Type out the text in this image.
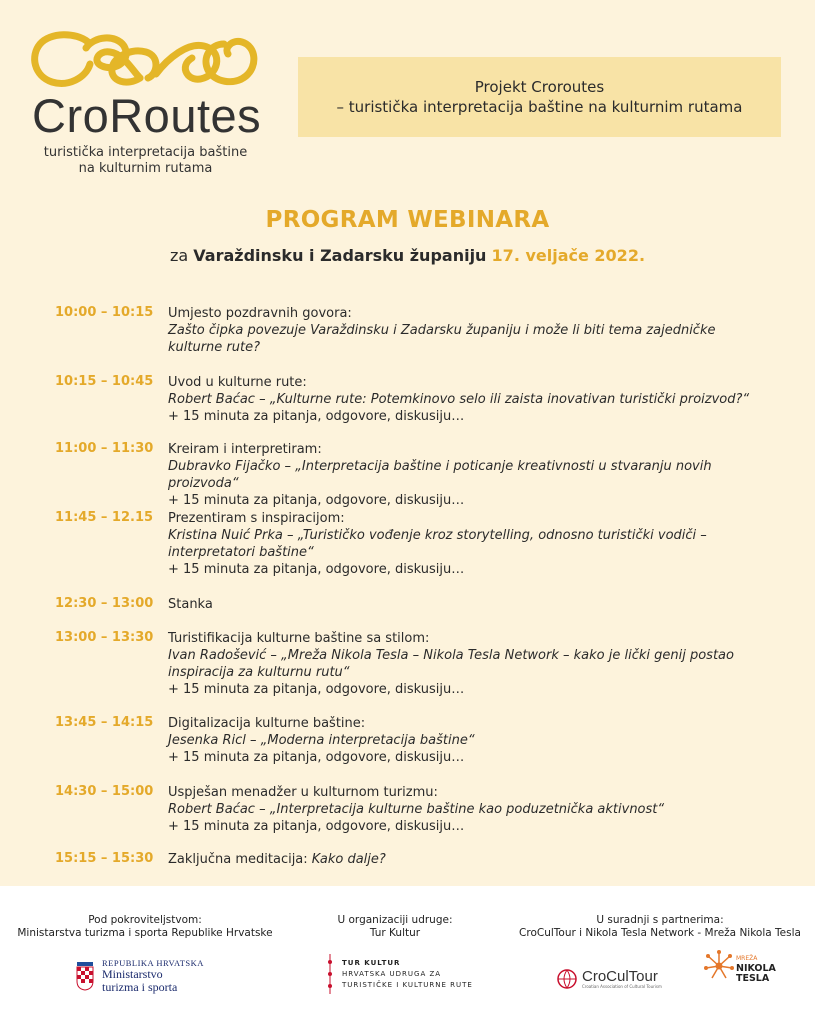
CroRoutes
turistička interpretacija baštine
na kulturnim rutama
Projekt Croroutes
– turistička interpretacija baštine na kulturnim rutama
PROGRAM WEBINARA
za Varaždinsku i Zadarsku županiju 17. veljače 2022.
10:00 – 10:15 Umjesto pozdravnih govora:
Zašto čipka povezuje Varaždinsku i Zadarsku županiju i može li biti tema zajedničke kulturne rute?
10:15 – 10:45 Uvod u kulturne rute:
Robert Baćac – „Kulturne rute: Potemkinovo selo ili zaista inovativan turistički proizvod?“
+ 15 minuta za pitanja, odgovore, diskusiju…
11:00 – 11:30 Kreiram i interpretiram:
Dubravko Fijačko – „Interpretacija baštine i poticanje kreativnosti u stvaranju novih proizvoda“
+ 15 minuta za pitanja, odgovore, diskusiju…
11:45 – 12.15 Prezentiram s inspiracijom:
Kristina Nuić Prka – „Turističko vođenje kroz storytelling, odnosno turistički vodiči – interpretatori baštine“
+ 15 minuta za pitanja, odgovore, diskusiju…
12:30 – 13:00 Stanka
13:00 – 13:30 Turistifikacija kulturne baštine sa stilom:
Ivan Radošević – „Mreža Nikola Tesla – Nikola Tesla Network – kako je lički genij postao inspiracija za kulturnu rutu“
+ 15 minuta za pitanja, odgovore, diskusiju…
13:45 – 14:15 Digitalizacija kulturne baštine:
Jesenka Ricl – „Moderna interpretacija baštine“
+ 15 minuta za pitanja, odgovore, diskusiju…
14:30 – 15:00 Uspješan menadžer u kulturnom turizmu:
Robert Baćac – „Interpretacija kulturne baštine kao poduzetnička aktivnost“
+ 15 minuta za pitanja, odgovore, diskusiju…
15:15 – 15:30 Zaključna meditacija: Kako dalje?
Pod pokroviteljstvom:
Ministarstva turizma i sporta Republike Hrvatske
U organizaciji udruge:
Tur Kultur
U suradnji s partnerima:
CroCulTour i Nikola Tesla Network - Mreža Nikola Tesla
REPUBLIKA HRVATSKA
Ministarstvo
turizma i sporta
TUR KULTUR
HRVATSKA UDRUGA ZA
TURISTIČKE I KULTURNE RUTE	CroCulTour
Croatian Association of Cultural Tourism
MREŽA
NIKOLA
TESLA
